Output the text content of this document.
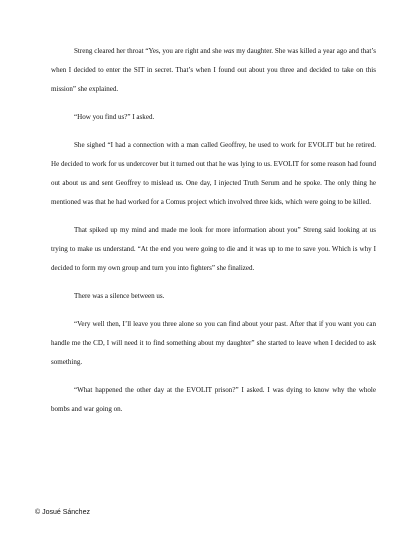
Streng cleared her throat “Yes, you are right and she was my daughter. She was killed a year ago and that’s when I decided to enter the SIT in secret. That’s when I found out about you three and decided to take on this mission” she explained.

“How you find us?” I asked.

She sighed “I had a connection with a man called Geoffrey, he used to work for EVOLIT but he retired. He decided to work for us undercover but it turned out that he was lying to us. EVOLIT for some reason had found out about us and sent Geoffrey to mislead us. One day, I injected Truth Serum and he spoke. The only thing he mentioned was that he had worked for a Comus project which involved three kids, which were going to be killed.

That spiked up my mind and made me look for more information about you” Streng said looking at us trying to make us understand. “At the end you were going to die and it was up to me to save you. Which is why I decided to form my own group and turn you into fighters” she finalized.

There was a silence between us.

“Very well then, I’ll leave you three alone so you can find about your past. After that if you want you can handle me the CD, I will need it to find something about my daughter” she started to leave when I decided to ask something.

“What happened the other day at the EVOLIT prison?” I asked. I was dying to know why the whole bombs and war going on.

© Josué Sánchez
